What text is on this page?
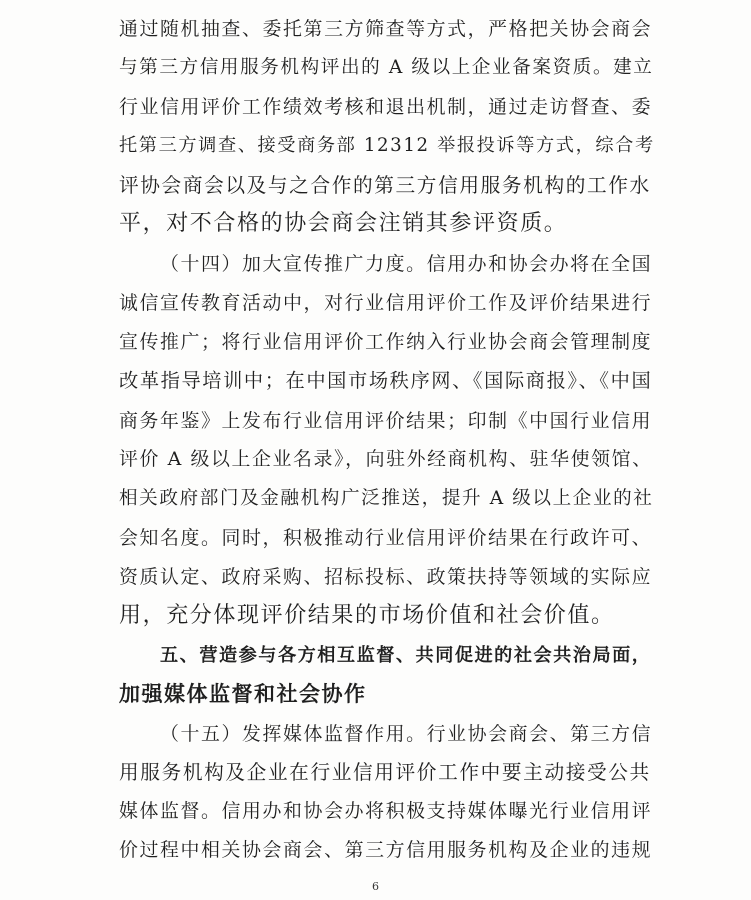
通过随机抽查、委托第三方筛查等方式，严格把关协会商会
与第三方信用服务机构评出的 A 级以上企业备案资质。建立
行业信用评价工作绩效考核和退出机制，通过走访督查、委
托第三方调查、接受商务部 12312 举报投诉等方式，综合考
评协会商会以及与之合作的第三方信用服务机构的工作水
平，对不合格的协会商会注销其参评资质。
（十四）加大宣传推广力度。信用办和协会办将在全国
诚信宣传教育活动中，对行业信用评价工作及评价结果进行
宣传推广；将行业信用评价工作纳入行业协会商会管理制度
改革指导培训中；在中国市场秩序网、《国际商报》、《中国
商务年鉴》上发布行业信用评价结果；印制《中国行业信用
评价 A 级以上企业名录》，向驻外经商机构、驻华使领馆、
相关政府部门及金融机构广泛推送，提升 A 级以上企业的社
会知名度。同时，积极推动行业信用评价结果在行政许可、
资质认定、政府采购、招标投标、政策扶持等领域的实际应
用，充分体现评价结果的市场价值和社会价值。
五、营造参与各方相互监督、共同促进的社会共治局面，
加强媒体监督和社会协作
（十五）发挥媒体监督作用。行业协会商会、第三方信
用服务机构及企业在行业信用评价工作中要主动接受公共
媒体监督。信用办和协会办将积极支持媒体曝光行业信用评
价过程中相关协会商会、第三方信用服务机构及企业的违规
6
